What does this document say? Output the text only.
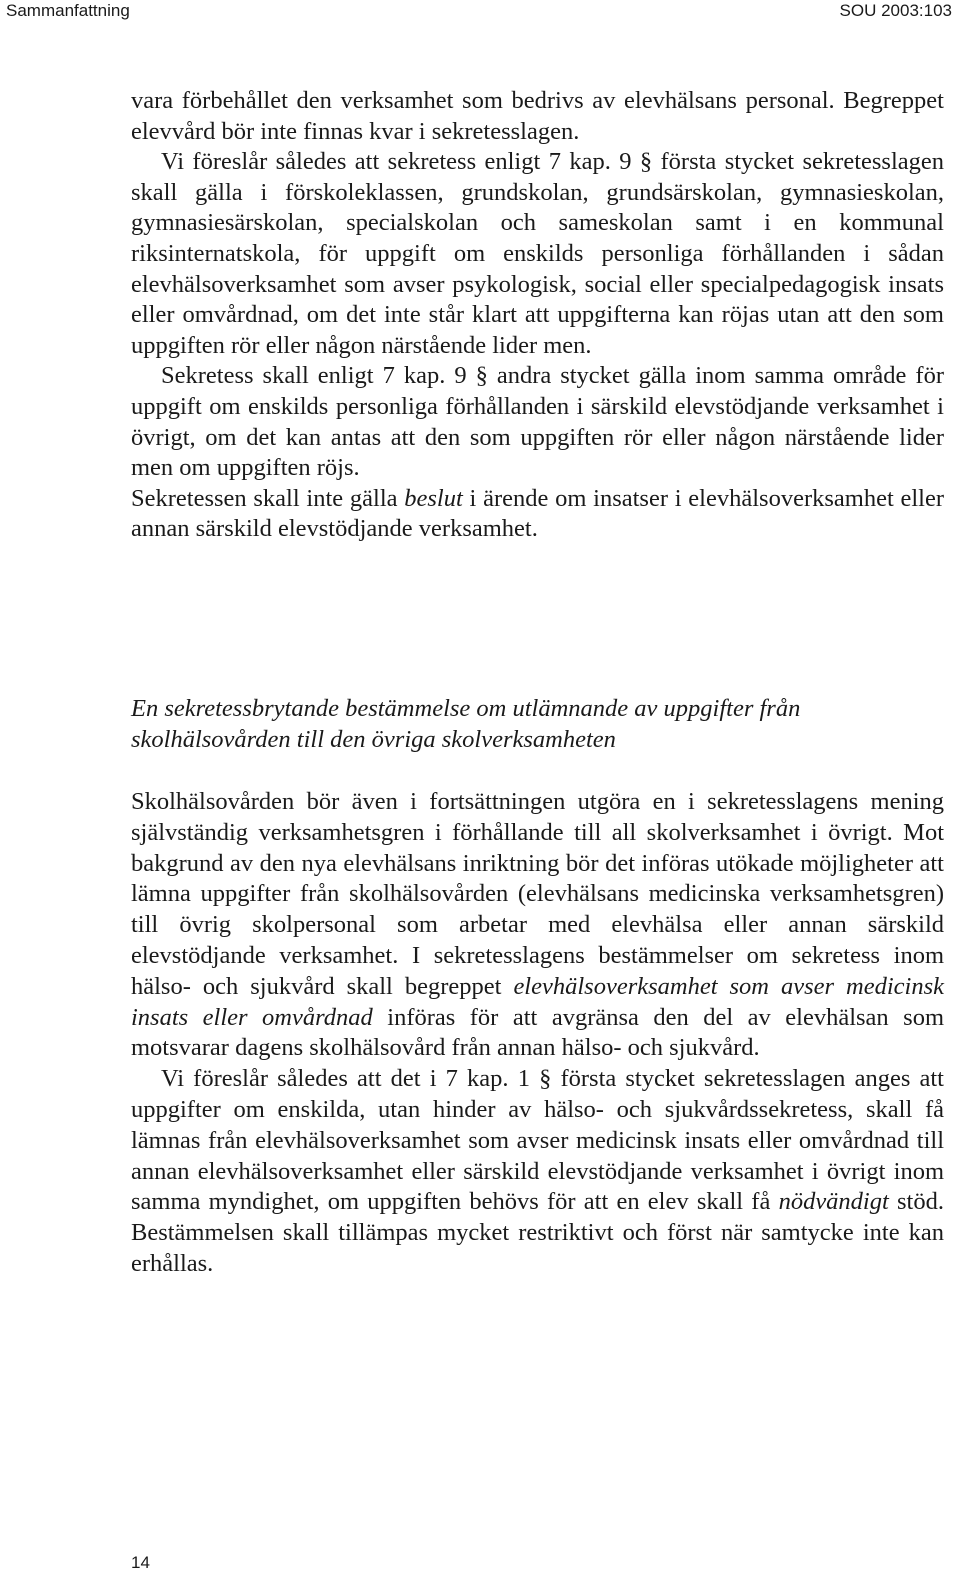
Sammanfattning	SOU 2003:103

vara förbehållet den verksamhet som bedrivs av elevhälsans personal. Begreppet elevvård bör inte finnas kvar i sekretesslagen.

Vi föreslår således att sekretess enligt 7 kap. 9 § första stycket sekretesslagen skall gälla i förskoleklassen, grundskolan, grundsärskolan, gymnasieskolan, gymnasiesärskolan, specialskolan och sameskolan samt i en kommunal riksinternatskola, för uppgift om enskilds personliga förhållanden i sådan elevhälsoverksamhet som avser psykologisk, social eller specialpedagogisk insats eller omvårdnad, om det inte står klart att uppgifterna kan röjas utan att den som uppgiften rör eller någon närstående lider men.

Sekretess skall enligt 7 kap. 9 § andra stycket gälla inom samma område för uppgift om enskilds personliga förhållanden i särskild elevstödjande verksamhet i övrigt, om det kan antas att den som uppgiften rör eller någon närstående lider men om uppgiften röjs.

Sekretessen skall inte gälla beslut i ärende om insatser i elevhälsoverksamhet eller annan särskild elevstödjande verksamhet.

En sekretessbrytande bestämmelse om utlämnande av uppgifter från skolhälsovården till den övriga skolverksamheten

Skolhälsovården bör även i fortsättningen utgöra en i sekretesslagens mening självständig verksamhetsgren i förhållande till all skolverksamhet i övrigt. Mot bakgrund av den nya elevhälsans inriktning bör det införas utökade möjligheter att lämna uppgifter från skolhälsovården (elevhälsans medicinska verksamhetsgren) till övrig skolpersonal som arbetar med elevhälsa eller annan särskild elevstödjande verksamhet. I sekretesslagens bestämmelser om sekretess inom hälso- och sjukvård skall begreppet elevhälsoverksamhet som avser medicinsk insats eller omvårdnad införas för att avgränsa den del av elevhälsan som motsvarar dagens skolhälsovård från annan hälso- och sjukvård.

Vi föreslår således att det i 7 kap. 1 § första stycket sekretesslagen anges att uppgifter om enskilda, utan hinder av hälso- och sjukvårdssekretess, skall få lämnas från elevhälsoverksamhet som avser medicinsk insats eller omvårdnad till annan elevhälsoverksamhet eller särskild elevstödjande verksamhet i övrigt inom samma myndighet, om uppgiften behövs för att en elev skall få nödvändigt stöd. Bestämmelsen skall tillämpas mycket restriktivt och först när samtycke inte kan erhållas.

14
